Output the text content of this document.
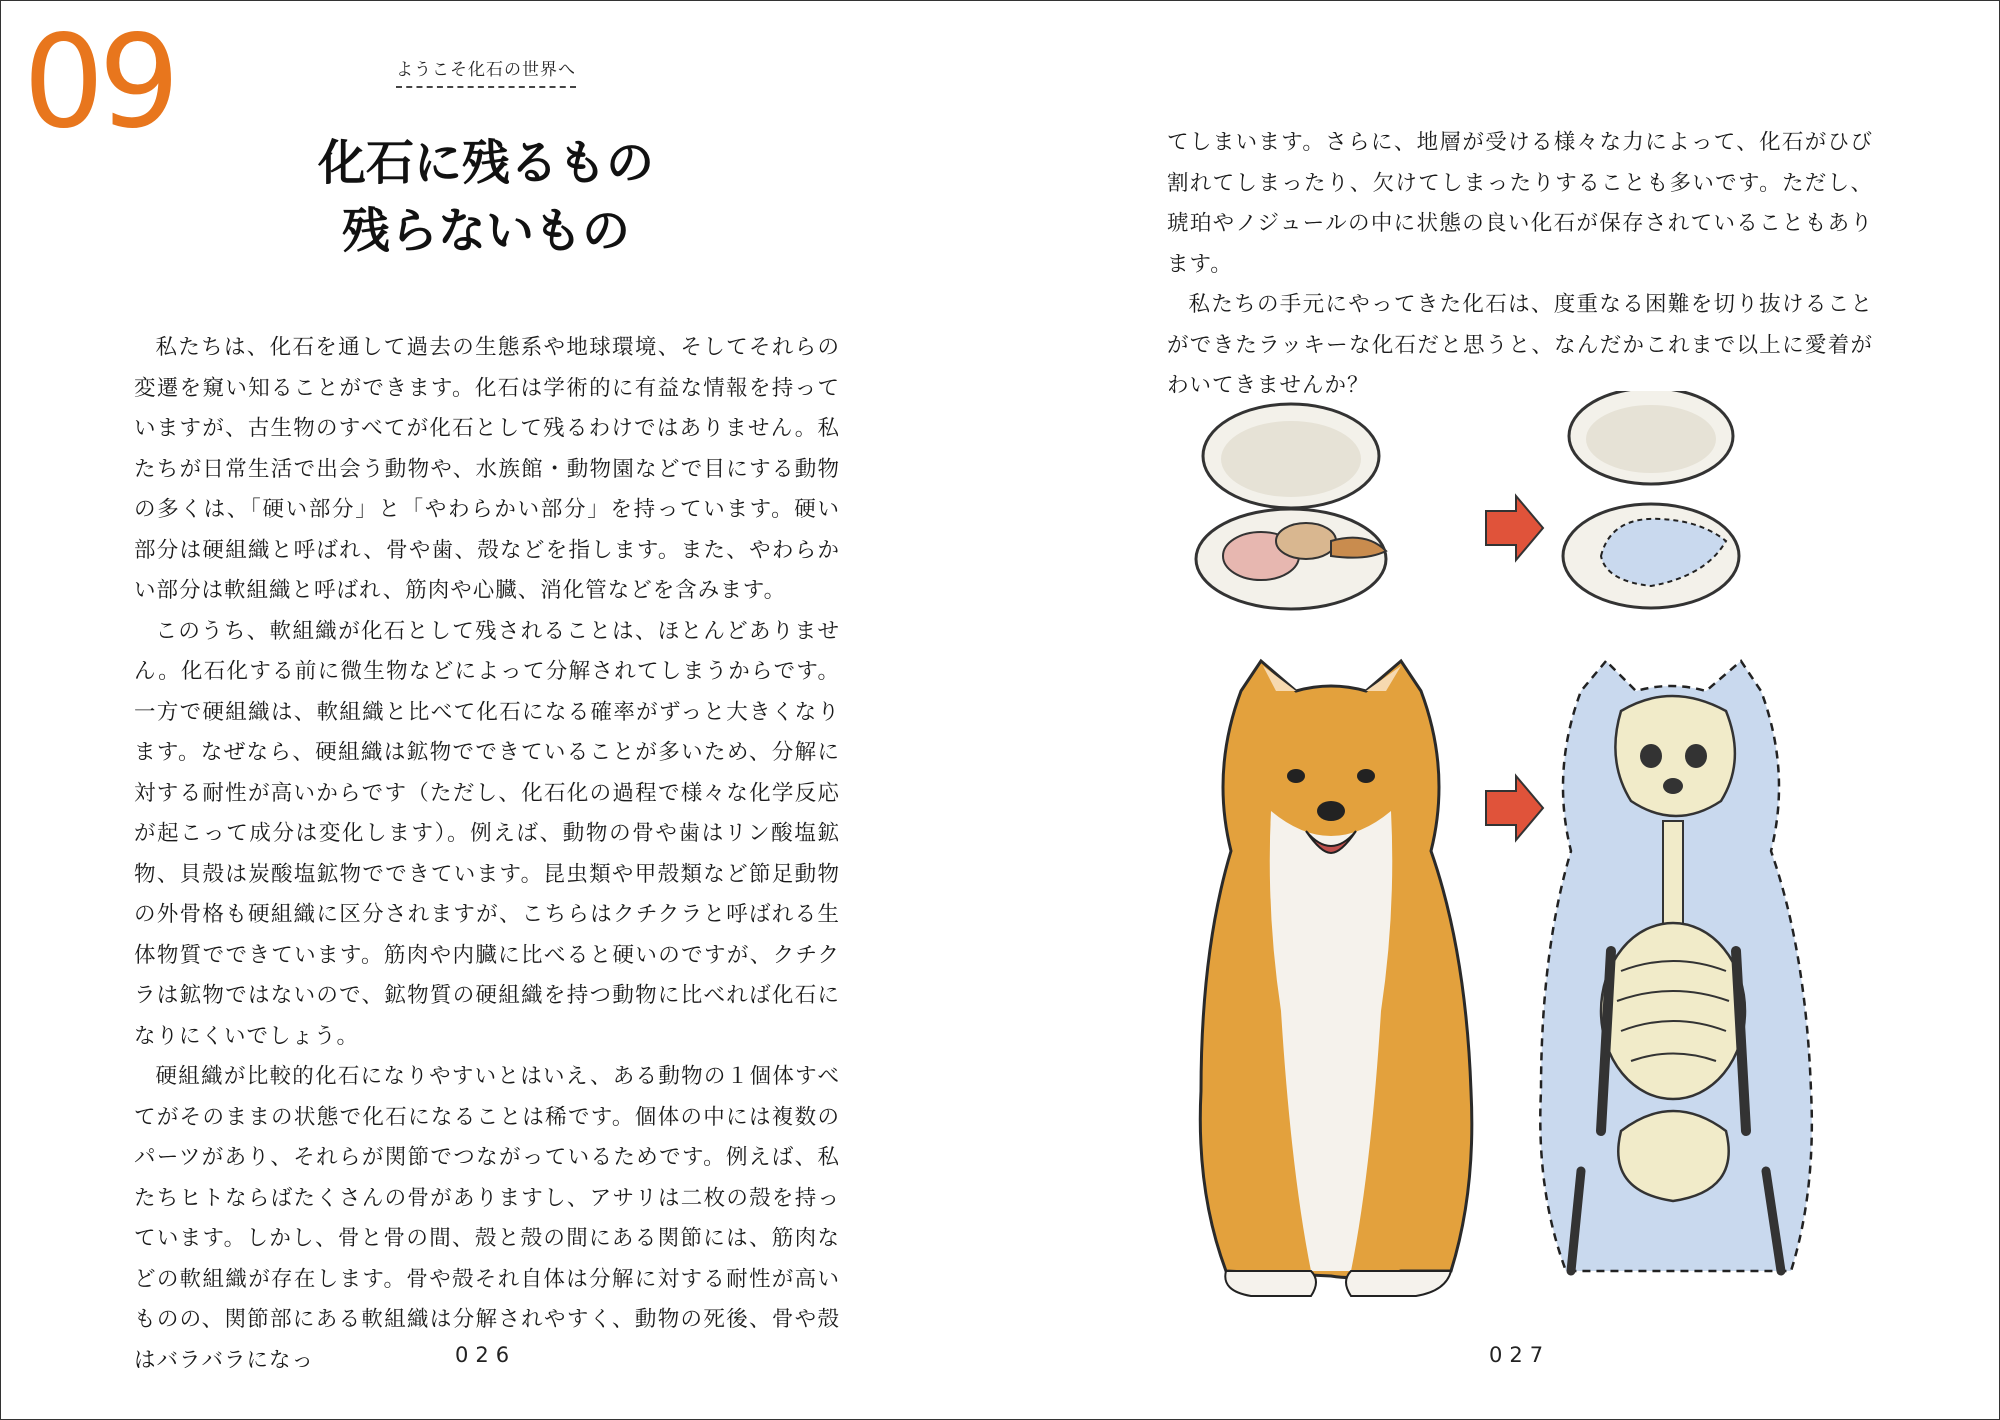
09	ようこそ化石の世界へ
化石に残るもの
残らないもの

私たちは、化石を通して過去の生態系や地球環境、そしてそれらの変遷を窺い知ることができます。化石は学術的に有益な情報を持っていますが、古生物のすべてが化石として残るわけではありません。私たちが日常生活で出会う動物や、水族館・動物園などで目にする動物の多くは、「硬い部分」と「やわらかい部分」を持っています。硬い部分は硬組織と呼ばれ、骨や歯、殻などを指します。また、やわらかい部分は軟組織と呼ばれ、筋肉や心臓、消化管などを含みます。

このうち、軟組織が化石として残されることは、ほとんどありません。化石化する前に微生物などによって分解されてしまうからです。一方で硬組織は、軟組織と比べて化石になる確率がずっと大きくなります。なぜなら、硬組織は鉱物でできていることが多いため、分解に対する耐性が高いからです（ただし、化石化の過程で様々な化学反応が起こって成分は変化します）。例えば、動物の骨や歯はリン酸塩鉱物、貝殻は炭酸塩鉱物でできています。昆虫類や甲殻類など節足動物の外骨格も硬組織に区分されますが、こちらはクチクラと呼ばれる生体物質でできています。筋肉や内臓に比べると硬いのですが、クチクラは鉱物ではないので、鉱物質の硬組織を持つ動物に比べれば化石になりにくいでしょう。

硬組織が比較的化石になりやすいとはいえ、ある動物の１個体すべてがそのままの状態で化石になることは稀です。個体の中には複数のパーツがあり、それらが関節でつながっているためです。例えば、私たちヒトならばたくさんの骨がありますし、アサリは二枚の殻を持っています。しかし、骨と骨の間、殻と殻の間にある関節には、筋肉などの軟組織が存在します。骨や殻それ自体は分解に対する耐性が高いものの、関節部にある軟組織は分解されやすく、動物の死後、骨や殻はバラバラになっ

てしまいます。さらに、地層が受ける様々な力によって、化石がひび割れてしまったり、欠けてしまったりすることも多いです。ただし、琥珀やノジュールの中に状態の良い化石が保存されていることもあります。

私たちの手元にやってきた化石は、度重なる困難を切り抜けることができたラッキーな化石だと思うと、なんだかこれまで以上に愛着がわいてきませんか？

026	027
